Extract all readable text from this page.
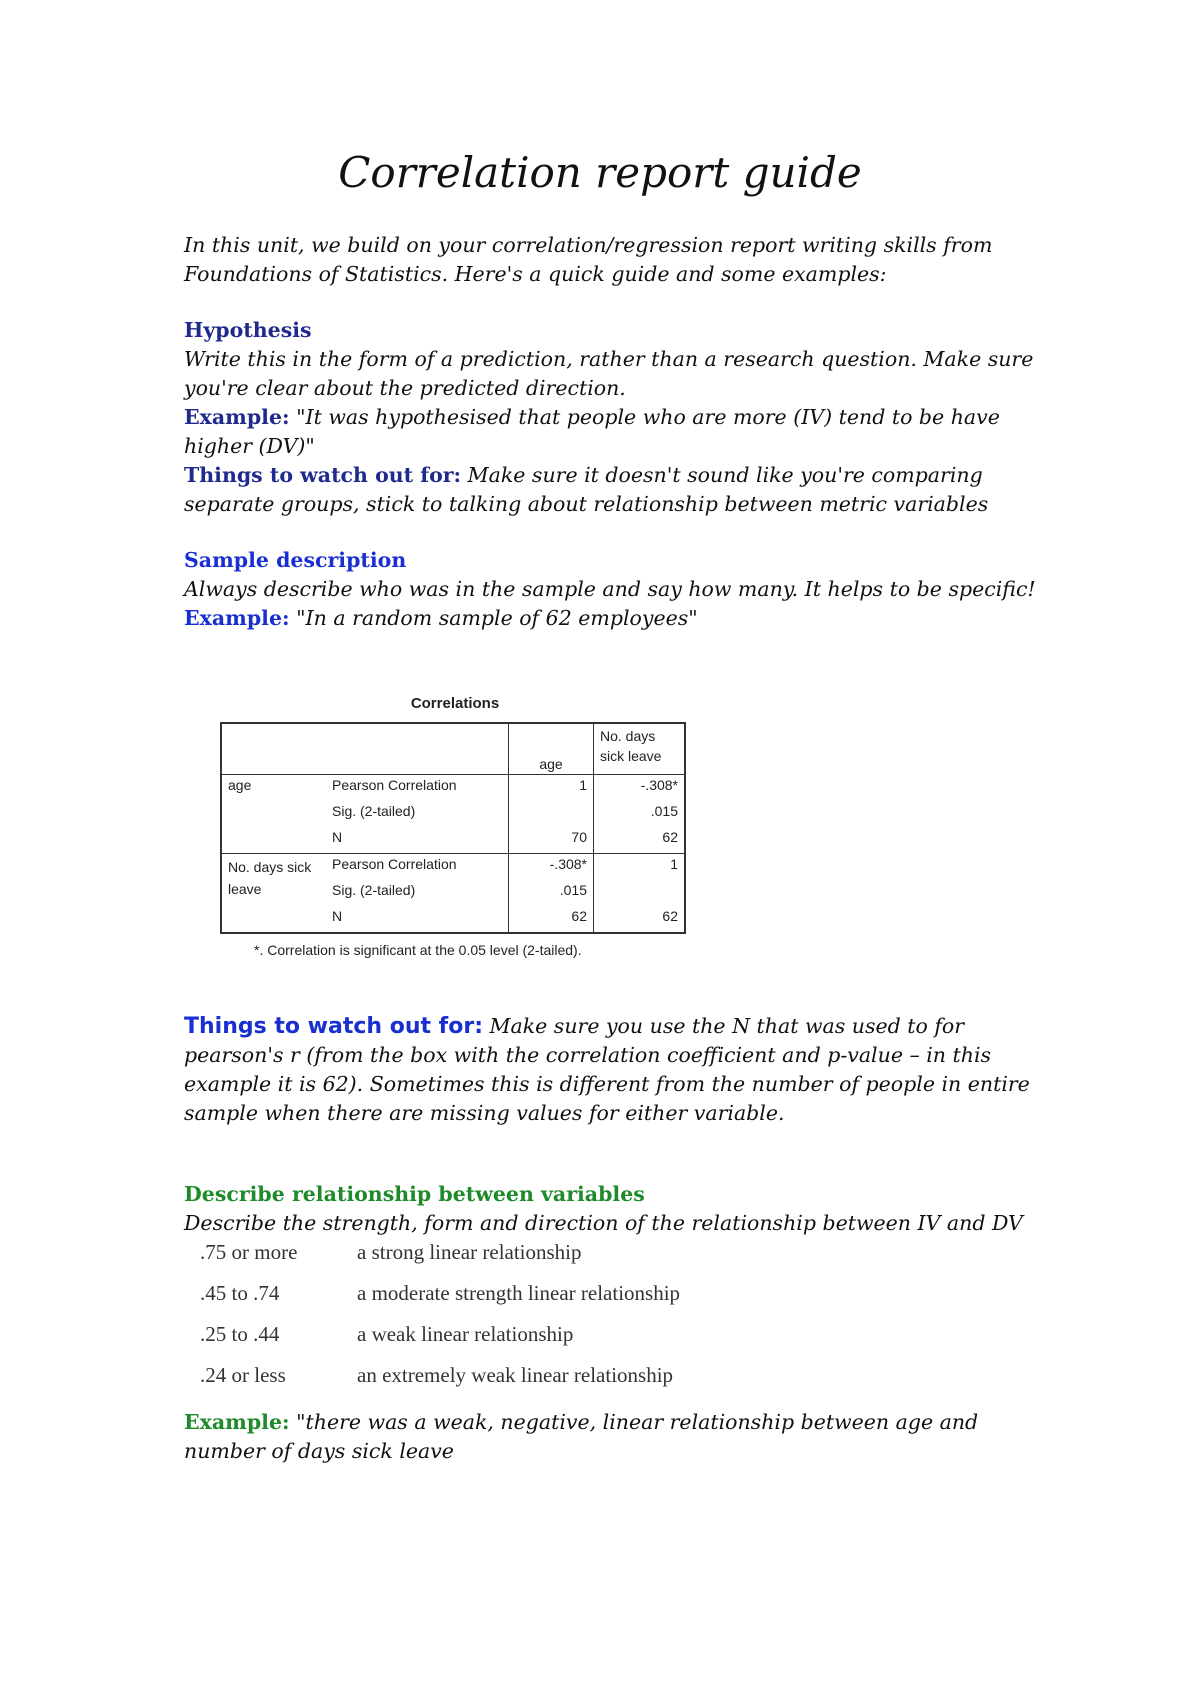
Correlation report guide
In this unit, we build on your correlation/regression report writing skills from Foundations of Statistics. Here's a quick guide and some examples:
Hypothesis
Write this in the form of a prediction, rather than a research question. Make sure you're clear about the predicted direction.
Example: "It was hypothesised that people who are more (IV) tend to be have higher (DV)"
Things to watch out for: Make sure it doesn't sound like you're comparing separate groups, stick to talking about relationship between metric variables
Sample description
Always describe who was in the sample and say how many. It helps to be specific!
Example: "In a random sample of 62 employees"
Correlations
		age	No. days sick leave
age	Pearson Correlation	1	-.308*
	Sig. (2-tailed)		.015
	N	70	62
No. days sick leave	Pearson Correlation	-.308*	1
	Sig. (2-tailed)	.015	
	N	62	62
*. Correlation is significant at the 0.05 level (2-tailed).
Things to watch out for: Make sure you use the N that was used to for pearson's r (from the box with the correlation coefficient and p-value – in this example it is 62). Sometimes this is different from the number of people in entire sample when there are missing values for either variable.
Describe relationship between variables
Describe the strength, form and direction of the relationship between IV and DV
.75 or more	a strong linear relationship
.45 to .74	a moderate strength linear relationship
.25 to .44	a weak linear relationship
.24 or less	an extremely weak linear relationship
Example: "there was a weak, negative, linear relationship between age and number of days sick leave
